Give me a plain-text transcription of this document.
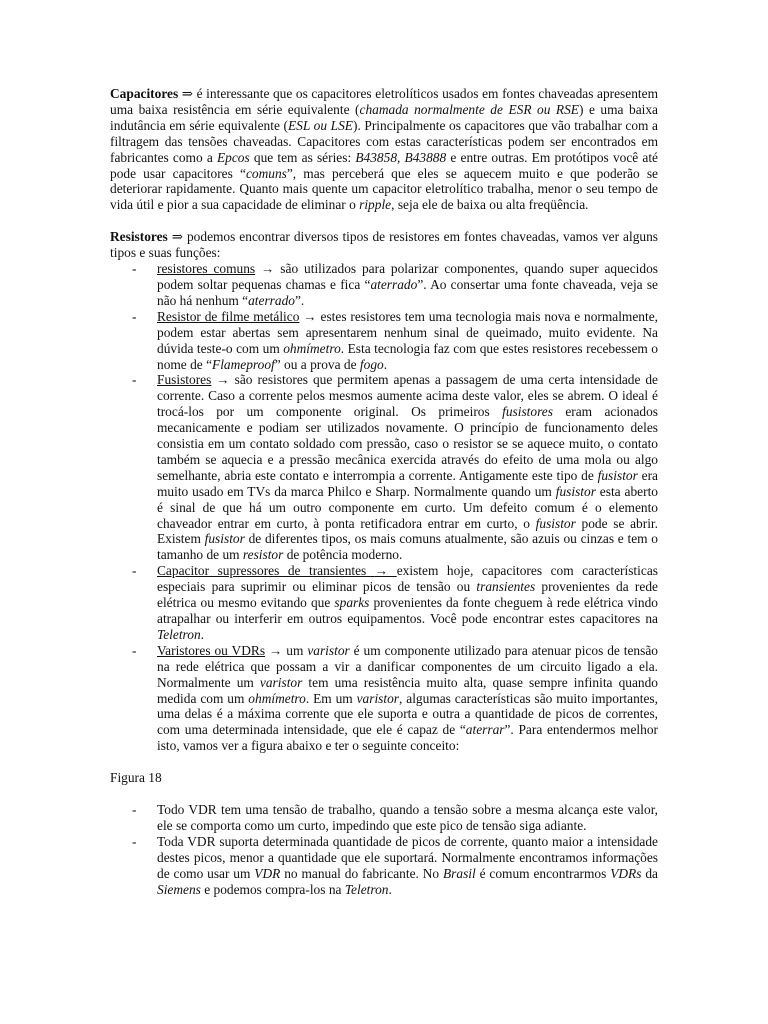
Capacitores ⇒ é interessante que os capacitores eletrolíticos usados em fontes chaveadas apresentem uma baixa resistência em série equivalente (chamada normalmente de ESR ou RSE) e uma baixa indutância em série equivalente (ESL ou LSE). Principalmente os capacitores que vão trabalhar com a filtragem das tensões chaveadas. Capacitores com estas características podem ser encontrados em fabricantes como a Epcos que tem as séries: B43858, B43888 e entre outras. Em protótipos você até pode usar capacitores “comuns”, mas perceberá que eles se aquecem muito e que poderão se deteriorar rapidamente. Quanto mais quente um capacitor eletrolítico trabalha, menor o seu tempo de vida útil e pior a sua capacidade de eliminar o ripple, seja ele de baixa ou alta freqüência.

Resistores ⇒ podemos encontrar diversos tipos de resistores em fontes chaveadas, vamos ver alguns tipos e suas funções:

- resistores comuns → são utilizados para polarizar componentes, quando super aquecidos podem soltar pequenas chamas e fica “aterrado”. Ao consertar uma fonte chaveada, veja se não há nenhum “aterrado”.
- Resistor de filme metálico → estes resistores tem uma tecnologia mais nova e normalmente, podem estar abertas sem apresentarem nenhum sinal de queimado, muito evidente. Na dúvida teste-o com um ohmímetro. Esta tecnologia faz com que estes resistores recebessem o nome de “Flameproof” ou a prova de fogo.
- Fusistores → são resistores que permitem apenas a passagem de uma certa intensidade de corrente. Caso a corrente pelos mesmos aumente acima deste valor, eles se abrem. O ideal é trocá-los por um componente original. Os primeiros fusistores eram acionados mecanicamente e podiam ser utilizados novamente. O princípio de funcionamento deles consistia em um contato soldado com pressão, caso o resistor se se aquece muito, o contato também se aquecia e a pressão mecânica exercida através do efeito de uma mola ou algo semelhante, abria este contato e interrompia a corrente. Antigamente este tipo de fusistor era muito usado em TVs da marca Philco e Sharp. Normalmente quando um fusistor esta aberto é sinal de que há um outro componente em curto. Um defeito comum é o elemento chaveador entrar em curto, à ponta retificadora entrar em curto, o fusistor pode se abrir. Existem fusistor de diferentes tipos, os mais comuns atualmente, são azuis ou cinzas e tem o tamanho de um resistor de potência moderno.
- Capacitor supressores de transientes → existem hoje, capacitores com características especiais para suprimir ou eliminar picos de tensão ou transientes provenientes da rede elétrica ou mesmo evitando que sparks provenientes da fonte cheguem à rede elétrica vindo atrapalhar ou interferir em outros equipamentos. Você pode encontrar estes capacitores na Teletron.
- Varistores ou VDRs → um varistor é um componente utilizado para atenuar picos de tensão na rede elétrica que possam a vir a danificar componentes de um circuito ligado a ela. Normalmente um varistor tem uma resistência muito alta, quase sempre infinita quando medida com um ohmímetro. Em um varistor, algumas características são muito importantes, uma delas é a máxima corrente que ele suporta e outra a quantidade de picos de correntes, com uma determinada intensidade, que ele é capaz de “aterrar”. Para entendermos melhor isto, vamos ver a figura abaixo e ter o seguinte conceito:

Figura 18

- Todo VDR tem uma tensão de trabalho, quando a tensão sobre a mesma alcança este valor, ele se comporta como um curto, impedindo que este pico de tensão siga adiante.
- Toda VDR suporta determinada quantidade de picos de corrente, quanto maior a intensidade destes picos, menor a quantidade que ele suportará. Normalmente encontramos informações de como usar um VDR no manual do fabricante. No Brasil é comum encontrarmos VDRs da Siemens e podemos compra-los na Teletron.
